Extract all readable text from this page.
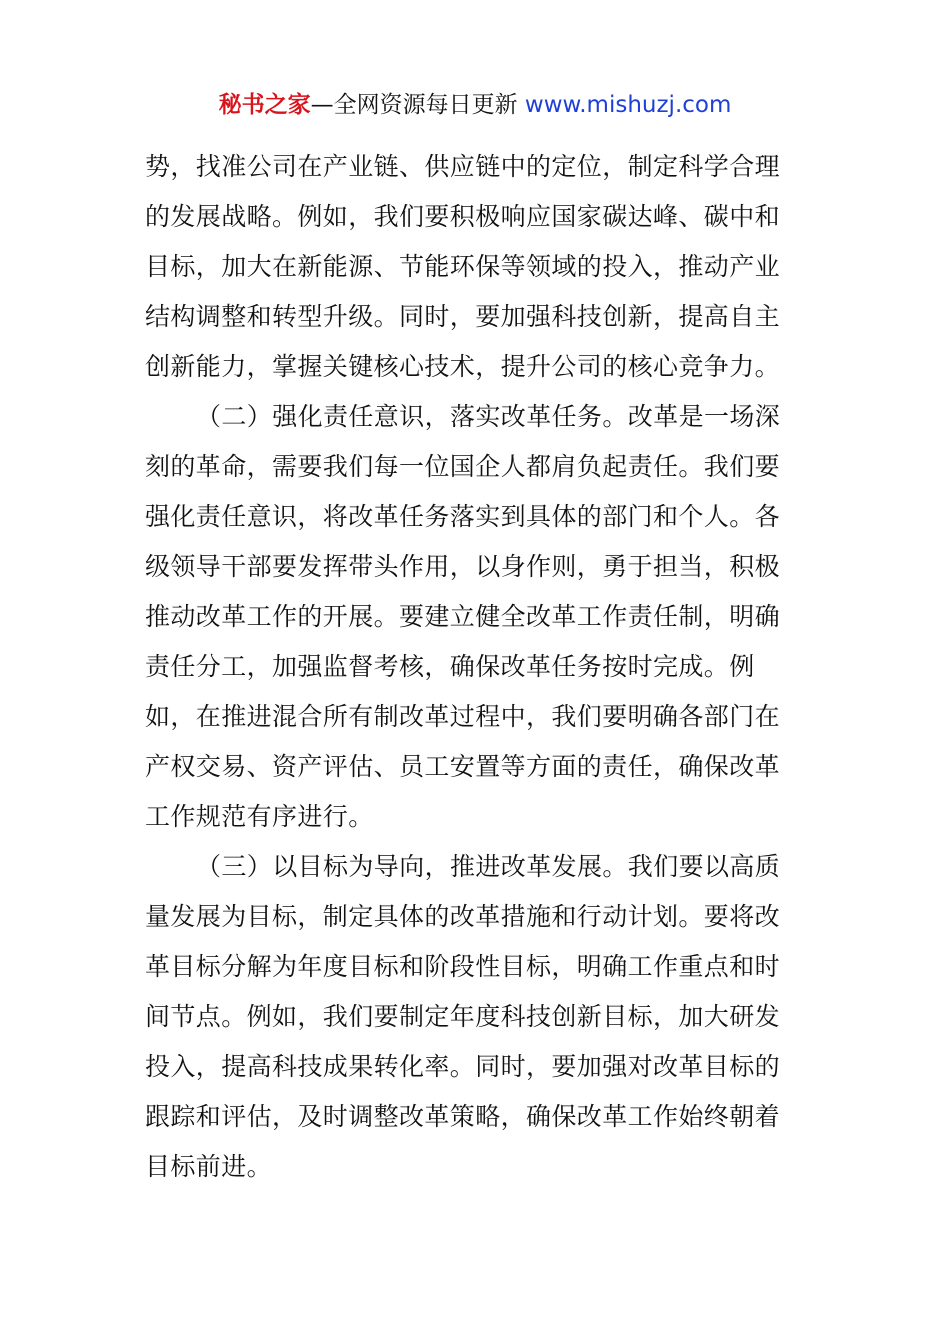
秘书之家—全网资源每日更新 www.mishuzj.com
势，找准公司在产业链、供应链中的定位，制定科学合理
的发展战略。例如，我们要积极响应国家碳达峰、碳中和
目标，加大在新能源、节能环保等领域的投入，推动产业
结构调整和转型升级。同时，要加强科技创新，提高自主
创新能力，掌握关键核心技术，提升公司的核心竞争力。
（二）强化责任意识，落实改革任务。改革是一场深
刻的革命，需要我们每一位国企人都肩负起责任。我们要
强化责任意识，将改革任务落实到具体的部门和个人。各
级领导干部要发挥带头作用，以身作则，勇于担当，积极
推动改革工作的开展。要建立健全改革工作责任制，明确
责任分工，加强监督考核，确保改革任务按时完成。例
如，在推进混合所有制改革过程中，我们要明确各部门在
产权交易、资产评估、员工安置等方面的责任，确保改革
工作规范有序进行。
（三）以目标为导向，推进改革发展。我们要以高质
量发展为目标，制定具体的改革措施和行动计划。要将改
革目标分解为年度目标和阶段性目标，明确工作重点和时
间节点。例如，我们要制定年度科技创新目标，加大研发
投入，提高科技成果转化率。同时，要加强对改革目标的
跟踪和评估，及时调整改革策略，确保改革工作始终朝着
目标前进。
